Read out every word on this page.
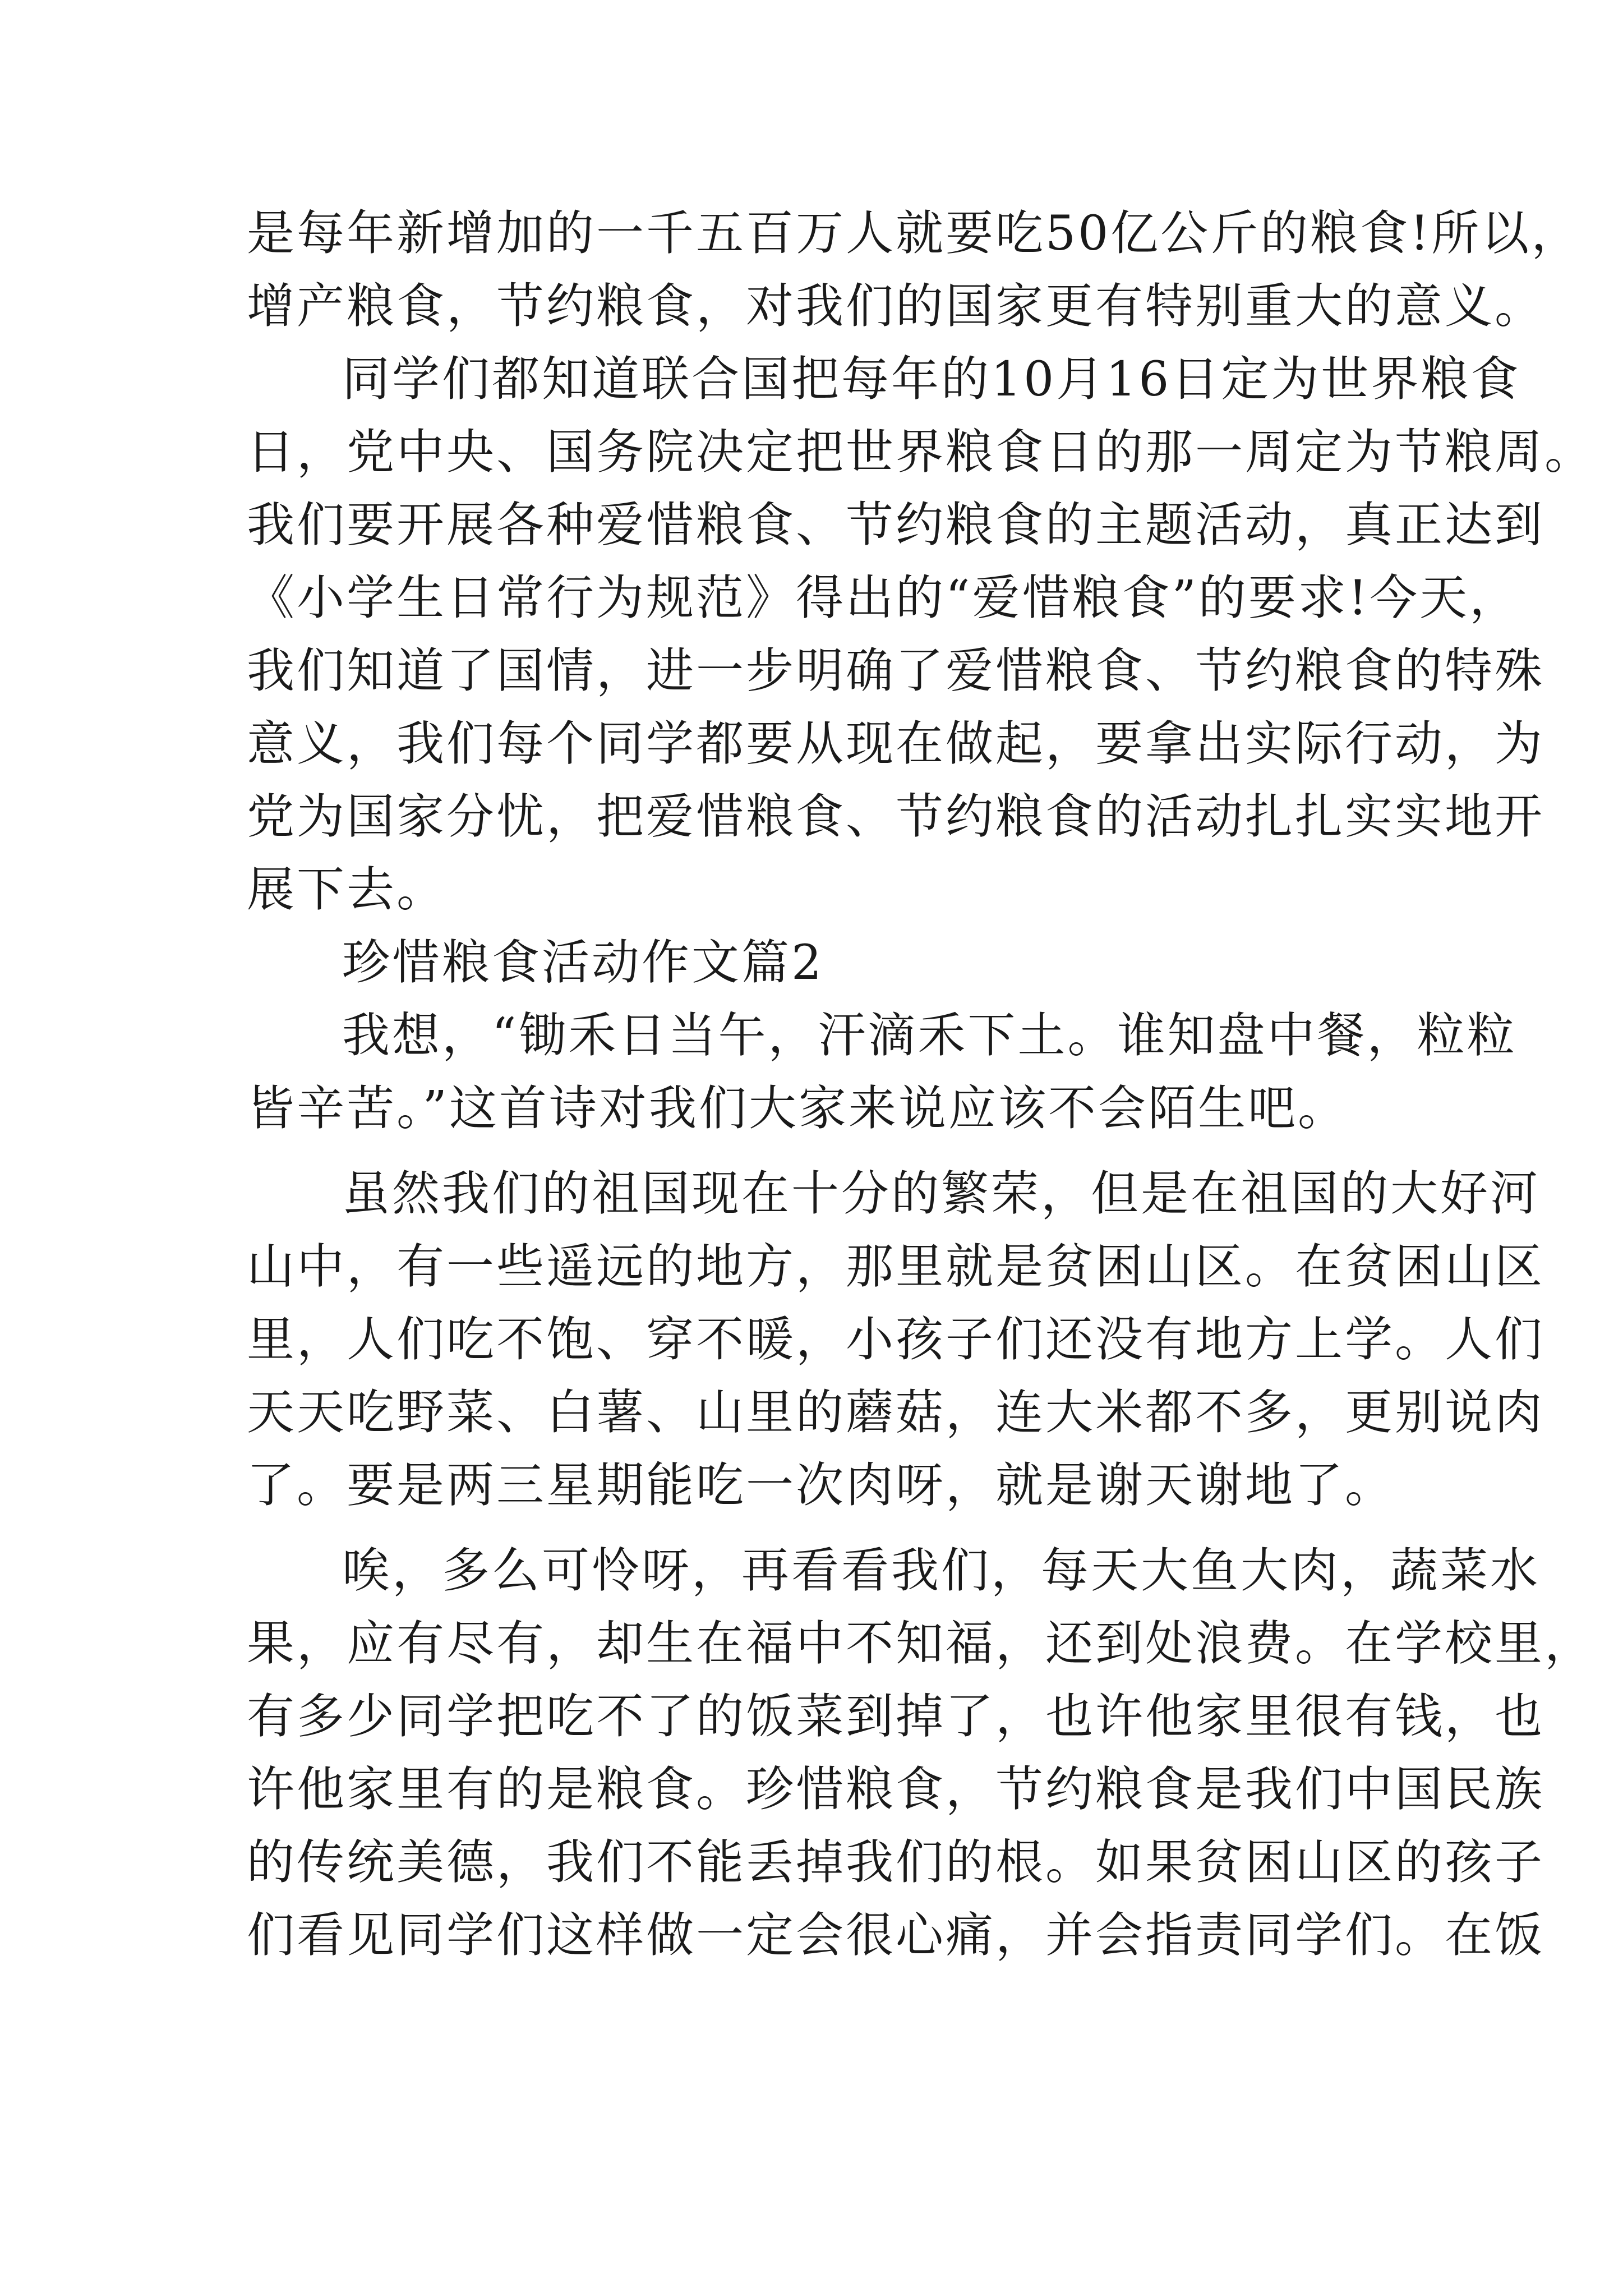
是每年新增加的一千五百万人就要吃50亿公斤的粮食!所以，
增产粮食，节约粮食，对我们的国家更有特别重大的意义。
同学们都知道联合国把每年的10月16日定为世界粮食
日，党中央、国务院决定把世界粮食日的那一周定为节粮周。
我们要开展各种爱惜粮食、节约粮食的主题活动，真正达到
《小学生日常行为规范》得出的“爱惜粮食”的要求!今天，
我们知道了国情，进一步明确了爱惜粮食、节约粮食的特殊
意义，我们每个同学都要从现在做起，要拿出实际行动，为
党为国家分忧，把爱惜粮食、节约粮食的活动扎扎实实地开
展下去。
珍惜粮食活动作文篇2
我想，“锄禾日当午，汗滴禾下土。谁知盘中餐，粒粒
皆辛苦。”这首诗对我们大家来说应该不会陌生吧。
虽然我们的祖国现在十分的繁荣，但是在祖国的大好河
山中，有一些遥远的地方，那里就是贫困山区。在贫困山区
里，人们吃不饱、穿不暖，小孩子们还没有地方上学。人们
天天吃野菜、白薯、山里的蘑菇，连大米都不多，更别说肉
了。要是两三星期能吃一次肉呀，就是谢天谢地了。
唉，多么可怜呀，再看看我们，每天大鱼大肉，蔬菜水
果，应有尽有，却生在福中不知福，还到处浪费。在学校里，
有多少同学把吃不了的饭菜到掉了，也许他家里很有钱，也
许他家里有的是粮食。珍惜粮食，节约粮食是我们中国民族
的传统美德，我们不能丢掉我们的根。如果贫困山区的孩子
们看见同学们这样做一定会很心痛，并会指责同学们。在饭
